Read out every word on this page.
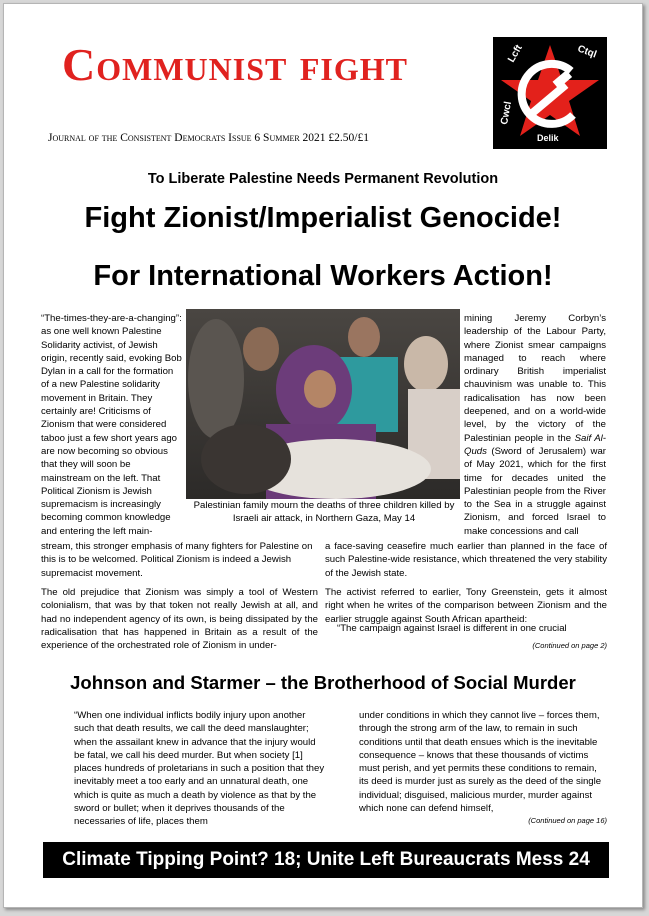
Communist fight	Lcft	Ctql
Cwcl
Delik
Journal of the Consistent Democrats Issue 6 Summer 2021 £2.50/£1
To Liberate Palestine Needs Permanent Revolution
Fight Zionist/Imperialist Genocide!
For International Workers Action!
“The-times-they-are-a-changing”: as one well known Palestine Solidarity activist, of Jewish origin, recently said, evoking Bob Dylan in a call for the formation of a new Palestine solidarity movement in Britain. They certainly are! Criticisms of Zionism that were considered taboo just a few short years ago are now becoming so obvious that they will soon be mainstream on the left. That Political Zionism is Jewish supremacism is increasingly becoming common knowledge and entering the left main-
Palestinian family mourn the deaths of three children killed by Israeli air attack, in Northern Gaza, May 14
mining Jeremy Corbyn’s leadership of the Labour Party, where Zionist smear campaigns managed to reach where ordinary British imperialist chauvinism was unable to. This radicalisation has now been deepened, and on a world-wide level, by the victory of the Palestinian people in the Saif Al-Quds (Sword of Jerusalem) war of May 2021, which for the first time for decades united the Palestinian people from the River to the Sea in a struggle against Zionism, and forced Israel to make concessions and call
stream, this stronger emphasis of many fighters for Palestine on this is to be welcomed. Political Zionism is indeed a Jewish supremacist movement.
a face-saving ceasefire much earlier than planned in the face of such Palestine-wide resistance, which threatened the very stability of the Jewish state.
The old prejudice that Zionism was simply a tool of Western colonialism, that was by that token not really Jewish at all, and had no independent agency of its own, is being dissipated by the radicalisation that has happened in Britain as a result of the experience of the orchestrated role of Zionism in under-
The activist referred to earlier, Tony Greenstein, gets it almost right when he writes of the comparison between Zionism and the earlier struggle against South African apartheid:
“The campaign against Israel is different in one crucial
(Continued on page 2)
Johnson and Starmer – the Brotherhood of Social Murder
“When one individual inflicts bodily injury upon another such that death results, we call the deed manslaughter; when the assailant knew in advance that the injury would be fatal, we call his deed murder. But when society [1] places hundreds of proletarians in such a position that they inevitably meet a too early and an unnatural death, one which is quite as much a death by violence as that by the sword or bullet; when it deprives thousands of the necessaries of life, places them
under conditions in which they cannot live – forces them, through the strong arm of the law, to remain in such conditions until that death ensues which is the inevitable consequence – knows that these thousands of victims must perish, and yet permits these conditions to remain, its deed is murder just as surely as the deed of the single individual; disguised, malicious murder, murder against which none can defend himself,
(Continued on page 16)
Climate Tipping Point? 18; Unite Left Bureaucrats Mess 24
